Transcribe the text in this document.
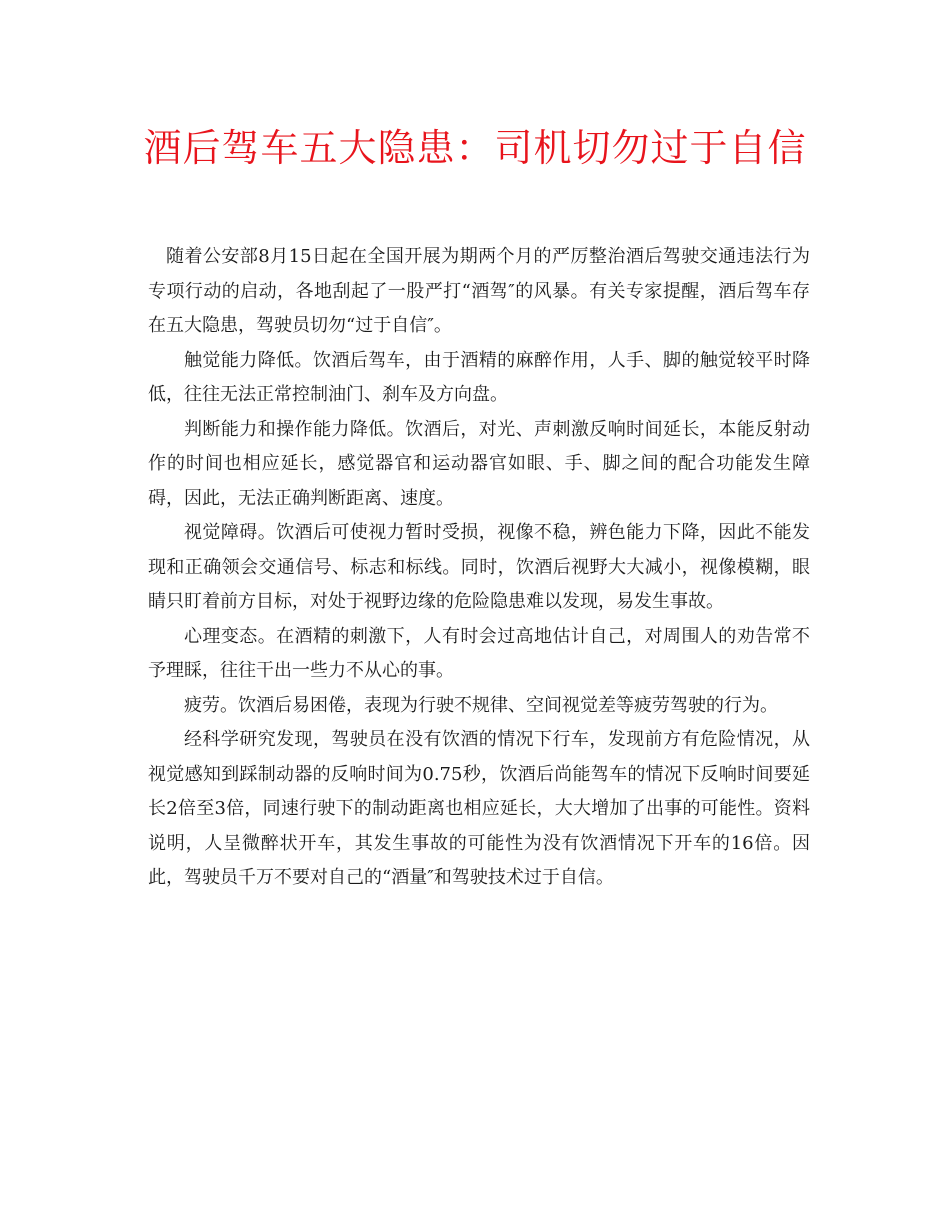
酒后驾车五大隐患：司机切勿过于自信

随着公安部8月15日起在全国开展为期两个月的严厉整治酒后驾驶交通违法行为专项行动的启动，各地刮起了一股严打“酒驾″的风暴。有关专家提醒，酒后驾车存在五大隐患，驾驶员切勿“过于自信″。

触觉能力降低。饮酒后驾车，由于酒精的麻醉作用，人手、脚的触觉较平时降低，往往无法正常控制油门、刹车及方向盘。

判断能力和操作能力降低。饮酒后，对光、声刺激反响时间延长，本能反射动作的时间也相应延长，感觉器官和运动器官如眼、手、脚之间的配合功能发生障碍，因此，无法正确判断距离、速度。

视觉障碍。饮酒后可使视力暂时受损，视像不稳，辨色能力下降，因此不能发现和正确领会交通信号、标志和标线。同时，饮酒后视野大大减小，视像模糊，眼睛只盯着前方目标，对处于视野边缘的危险隐患难以发现，易发生事故。

心理变态。在酒精的刺激下，人有时会过高地估计自己，对周围人的劝告常不予理睬，往往干出一些力不从心的事。

疲劳。饮酒后易困倦，表现为行驶不规律、空间视觉差等疲劳驾驶的行为。

经科学研究发现，驾驶员在没有饮酒的情况下行车，发现前方有危险情况，从视觉感知到踩制动器的反响时间为0.75秒，饮酒后尚能驾车的情况下反响时间要延长2倍至3倍，同速行驶下的制动距离也相应延长，大大增加了出事的可能性。资料说明，人呈微醉状开车，其发生事故的可能性为没有饮酒情况下开车的16倍。因此，驾驶员千万不要对自己的“酒量″和驾驶技术过于自信。
